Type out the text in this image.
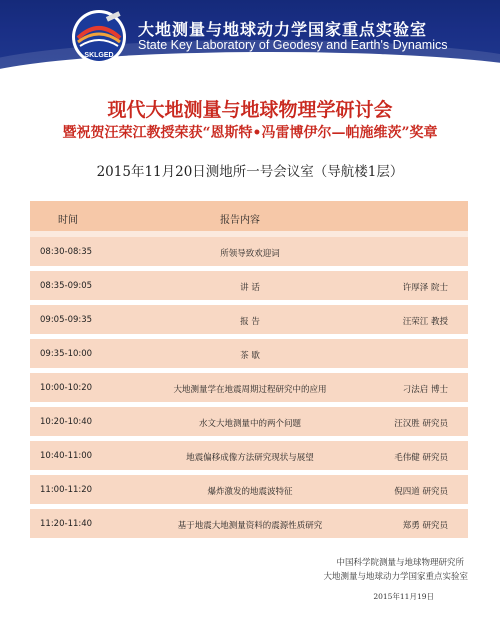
SKLGED
大地测量与地球动力学国家重点实验室
State Key Laboratory of Geodesy and Earth's Dynamics
现代大地测量与地球物理学研讨会
暨祝贺汪荣江教授荣获“恩斯特•冯雷博伊尔—帕施维茨”奖章
2015年11月20日测地所一号会议室（导航楼1层）
时间	报告内容
08:30-08:35	所领导致欢迎词
08:35-09:05	讲 话	许厚泽 院士
09:05-09:35	报 告	汪荣江 教授
09:35-10:00	茶 歇
10:00-10:20	大地测量学在地震周期过程研究中的应用	刁法启 博士
10:20-10:40	水文大地测量中的两个问题	汪汉胜 研究员
10:40-11:00	地震偏移成像方法研究现状与展望	毛伟健 研究员
11:00-11:20	爆炸激发的地震波特征	倪四道 研究员
11:20-11:40	基于地震大地测量资料的震源性质研究	郑勇 研究员
中国科学院测量与地球物理研究所
大地测量与地球动力学国家重点实验室
2015年11月19日
